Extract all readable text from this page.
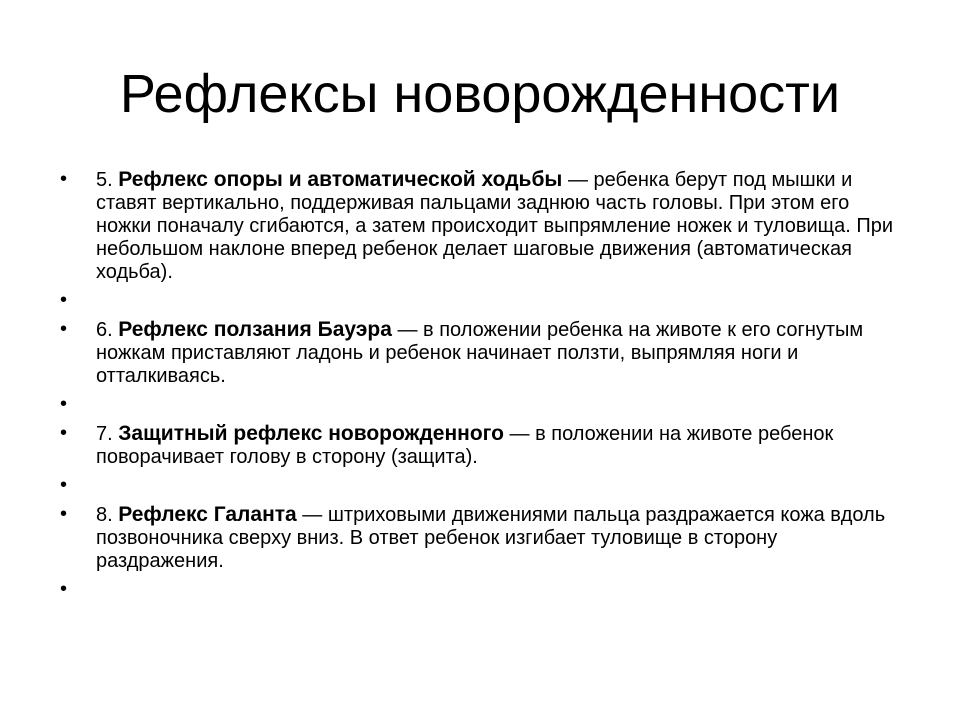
Рефлексы новорожденности
• 5. Рефлекс опоры и автоматической ходьбы — ребенка берут под мышки и ставят вертикально, поддерживая пальцами заднюю часть головы. При этом его ножки поначалу сгибаются, а затем происходит выпрямление ножек и туловища. При небольшом наклоне вперед ребенок делает шаговые движения (автоматическая ходьба).
•
• 6. Рефлекс ползания Бауэра — в положении ребенка на животе к его согнутым ножкам приставляют ладонь и ребенок начинает ползти, выпрямляя ноги и отталкиваясь.
•
• 7. Защитный рефлекс новорожденного — в положении на животе ребенок поворачивает голову в сторону (защита).
•
• 8. Рефлекс Галанта — штриховыми движениями пальца раздражается кожа вдоль позвоночника сверху вниз. В ответ ребенок изгибает туловище в сторону раздражения.
•
